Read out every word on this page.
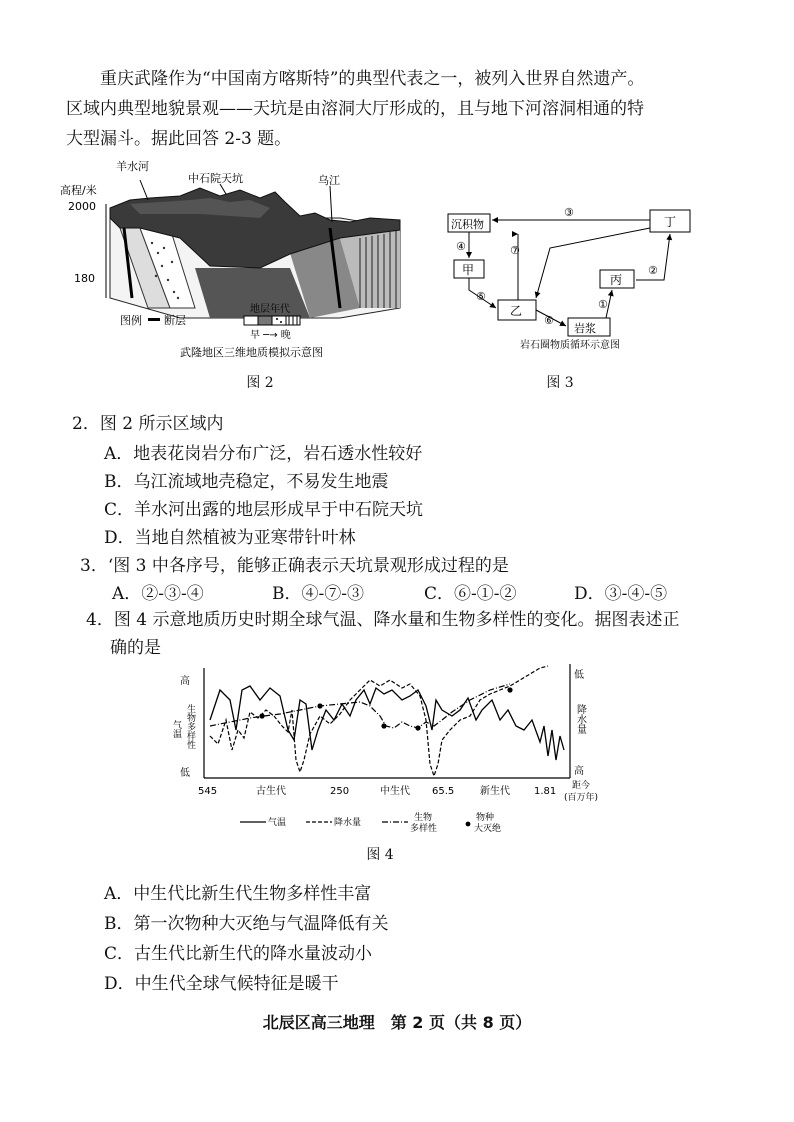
重庆武隆作为“中国南方喀斯特”的典型代表之一，被列入世界自然遗产。
区域内典型地貌景观——天坑是由溶洞大厅形成的，且与地下河溶洞相通的特
大型漏斗。据此回答 2-3 题。
羊水河
中石院天坑	乌江
高程/米
2000
180
图例 断层
地层年代
早 ─→ 晚
武隆地区三维地质模拟示意图
图 2
沉积物
甲
乙
丙
丁
岩浆
③
④	⑦
⑤
⑥
①
②
岩石圈物质循环示意图
图 3
2．图 2 所示区域内
A．地表花岗岩分布广泛，岩石透水性较好
B．乌江流域地壳稳定，不易发生地震
C．羊水河出露的地层形成早于中石院天坑
D．当地自然植被为亚寒带针叶林
3．‘图 3 中各序号，能够正确表示天坑景观形成过程的是
A．②-③-④	B．④-⑦-③	C．⑥-①-②	D．③-④-⑤
4．图 4 示意地质历史时期全球气温、降水量和生物多样性的变化。据图表述正
确的是
高
低
生物多样性
气温
低
降水量
高
545	古生代	250	中生代 65.5	新生代 1.81 距今
(百万年)
气温	降水量	生物
多样性
物种
大灭绝
图 4
A．中生代比新生代生物多样性丰富
B．第一次物种大灭绝与气温降低有关
C．古生代比新生代的降水量波动小
D．中生代全球气候特征是暖干
北辰区高三地理　第 2 页（共 8 页）
